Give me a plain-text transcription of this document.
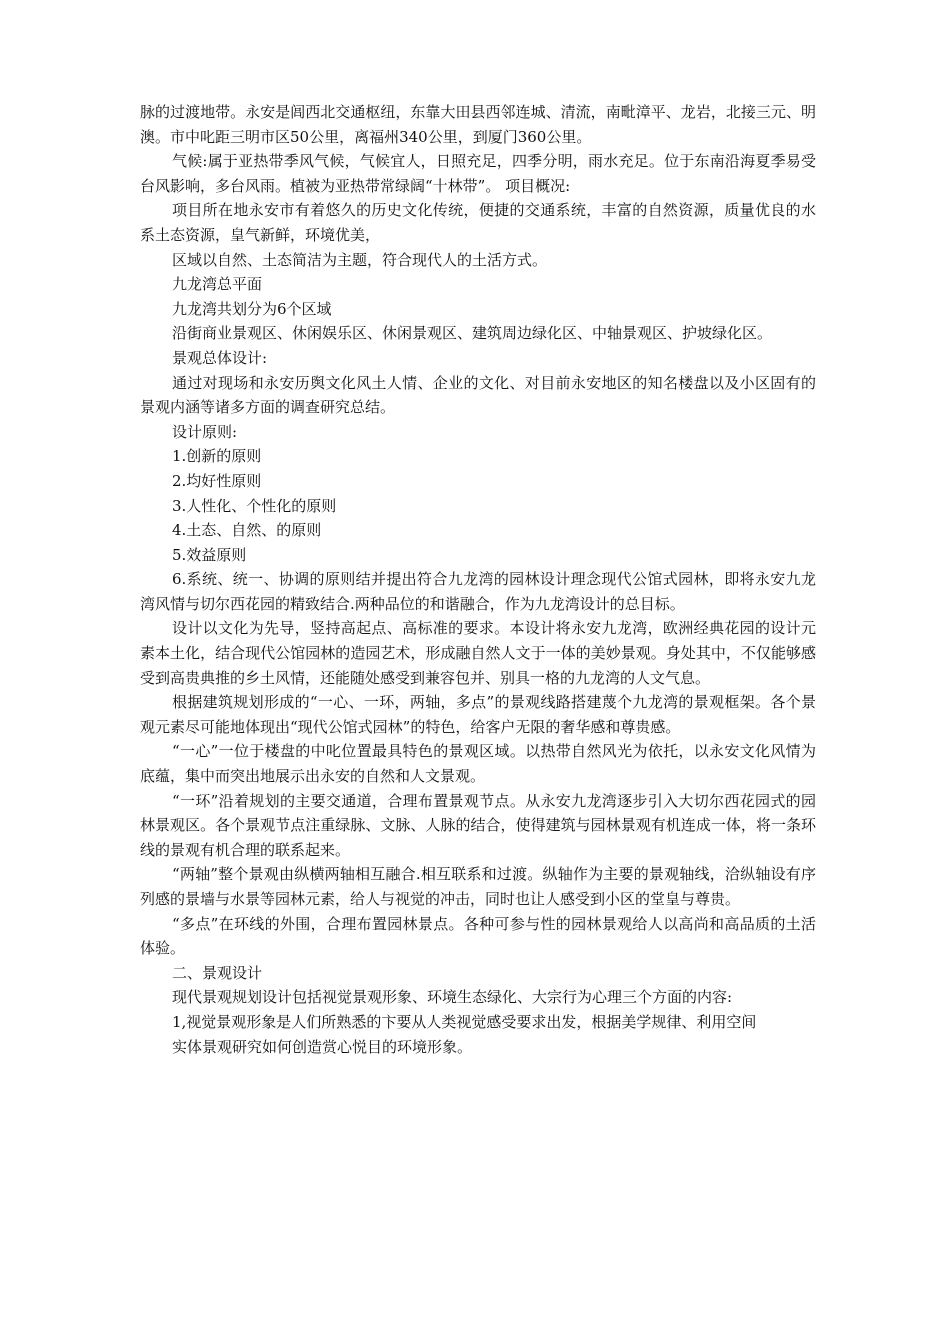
脉的过渡地带。永安是闾西北交通枢纽，东靠大田县西邻连城、清流，南毗漳平、龙岩，北接三元、明澳。市中叱距三明市区50公里，离福州340公里，到厦门360公里。

气候:属于亚热带季风气候，气候宜人，日照充足，四季分明，雨水充足。位于东南沿海夏季易受台风影响，多台风雨。植被为亚热带常绿阔“十林带”。 项目概况:

项目所在地永安市有着悠久的历史文化传统，便捷的交通系统，丰富的自然资源，质量优良的水系土态资源，皇气新鲜，环境优美，

区域以自然、土态简洁为主题，符合现代人的土活方式。

九龙湾总平面

九龙湾共划分为6个区域

沿街商业景观区、休闲娱乐区、休闲景观区、建筑周边绿化区、中轴景观区、护坡绿化区。

景观总体设计:

通过对现场和永安历舆文化风土人情、企业的文化、对目前永安地区的知名楼盘以及小区固有的景观内涵等诸多方面的调查研究总结。

设计原则:

1.创新的原则

2.均好性原则

3.人性化、个性化的原则

4.土态、自然、的原则

5.效益原则

6.系统、统一、协调的原则结并提出符合九龙湾的园林设计理念现代公馆式园林，即将永安九龙湾风情与切尔西花园的精致结合.两种品位的和谐融合，作为九龙湾设计的总目标。

设计以文化为先导，竖持高起点、高标准的要求。本设计将永安九龙湾，欧洲经典花园的设计元素本土化，结合现代公馆园林的造园艺术，形成融自然人文于一体的美妙景观。身处其中，不仅能够感受到高贵典推的乡土风情，还能随处感受到兼容包并、别具一格的九龙湾的人文气息。

根据建筑规划形成的“一心、一环，两轴，多点”的景观线路搭建蔑个九龙湾的景观框架。各个景观元素尽可能地体现出“现代公馆式园林”的特色，给客户无限的奢华感和尊贵感。

“一心”一位于楼盘的中叱位置最具特色的景观区域。以热带自然风光为依托，以永安文化风情为底蕴，集中而突出地展示出永安的自然和人文景观。

“一环”沿着规划的主要交通道，合理布置景观节点。从永安九龙湾逐步引入大切尔西花园式的园林景观区。各个景观节点注重绿脉、文脉、人脉的结合，使得建筑与园林景观有机连成一体，将一条环线的景观有机合理的联系起来。

“两轴”整个景观由纵横两轴相互融合.相互联系和过渡。纵轴作为主要的景观轴线，洽纵轴设有序列感的景墙与水景等园林元素，给人与视觉的冲击，同时也让人感受到小区的堂皇与尊贵。

“多点”在环线的外围，合理布置园林景点。各种可参与性的园林景观给人以高尚和高品质的土活体验。

二、景观设计

现代景观规划设计包括视觉景观形象、环境生态绿化、大宗行为心理三个方面的内容:

1,视觉景观形象是人们所熟悉的卞要从人类视觉感受要求出发，根据美学规律、利用空间

实体景观研究如何创造赏心悦目的环境形象。
